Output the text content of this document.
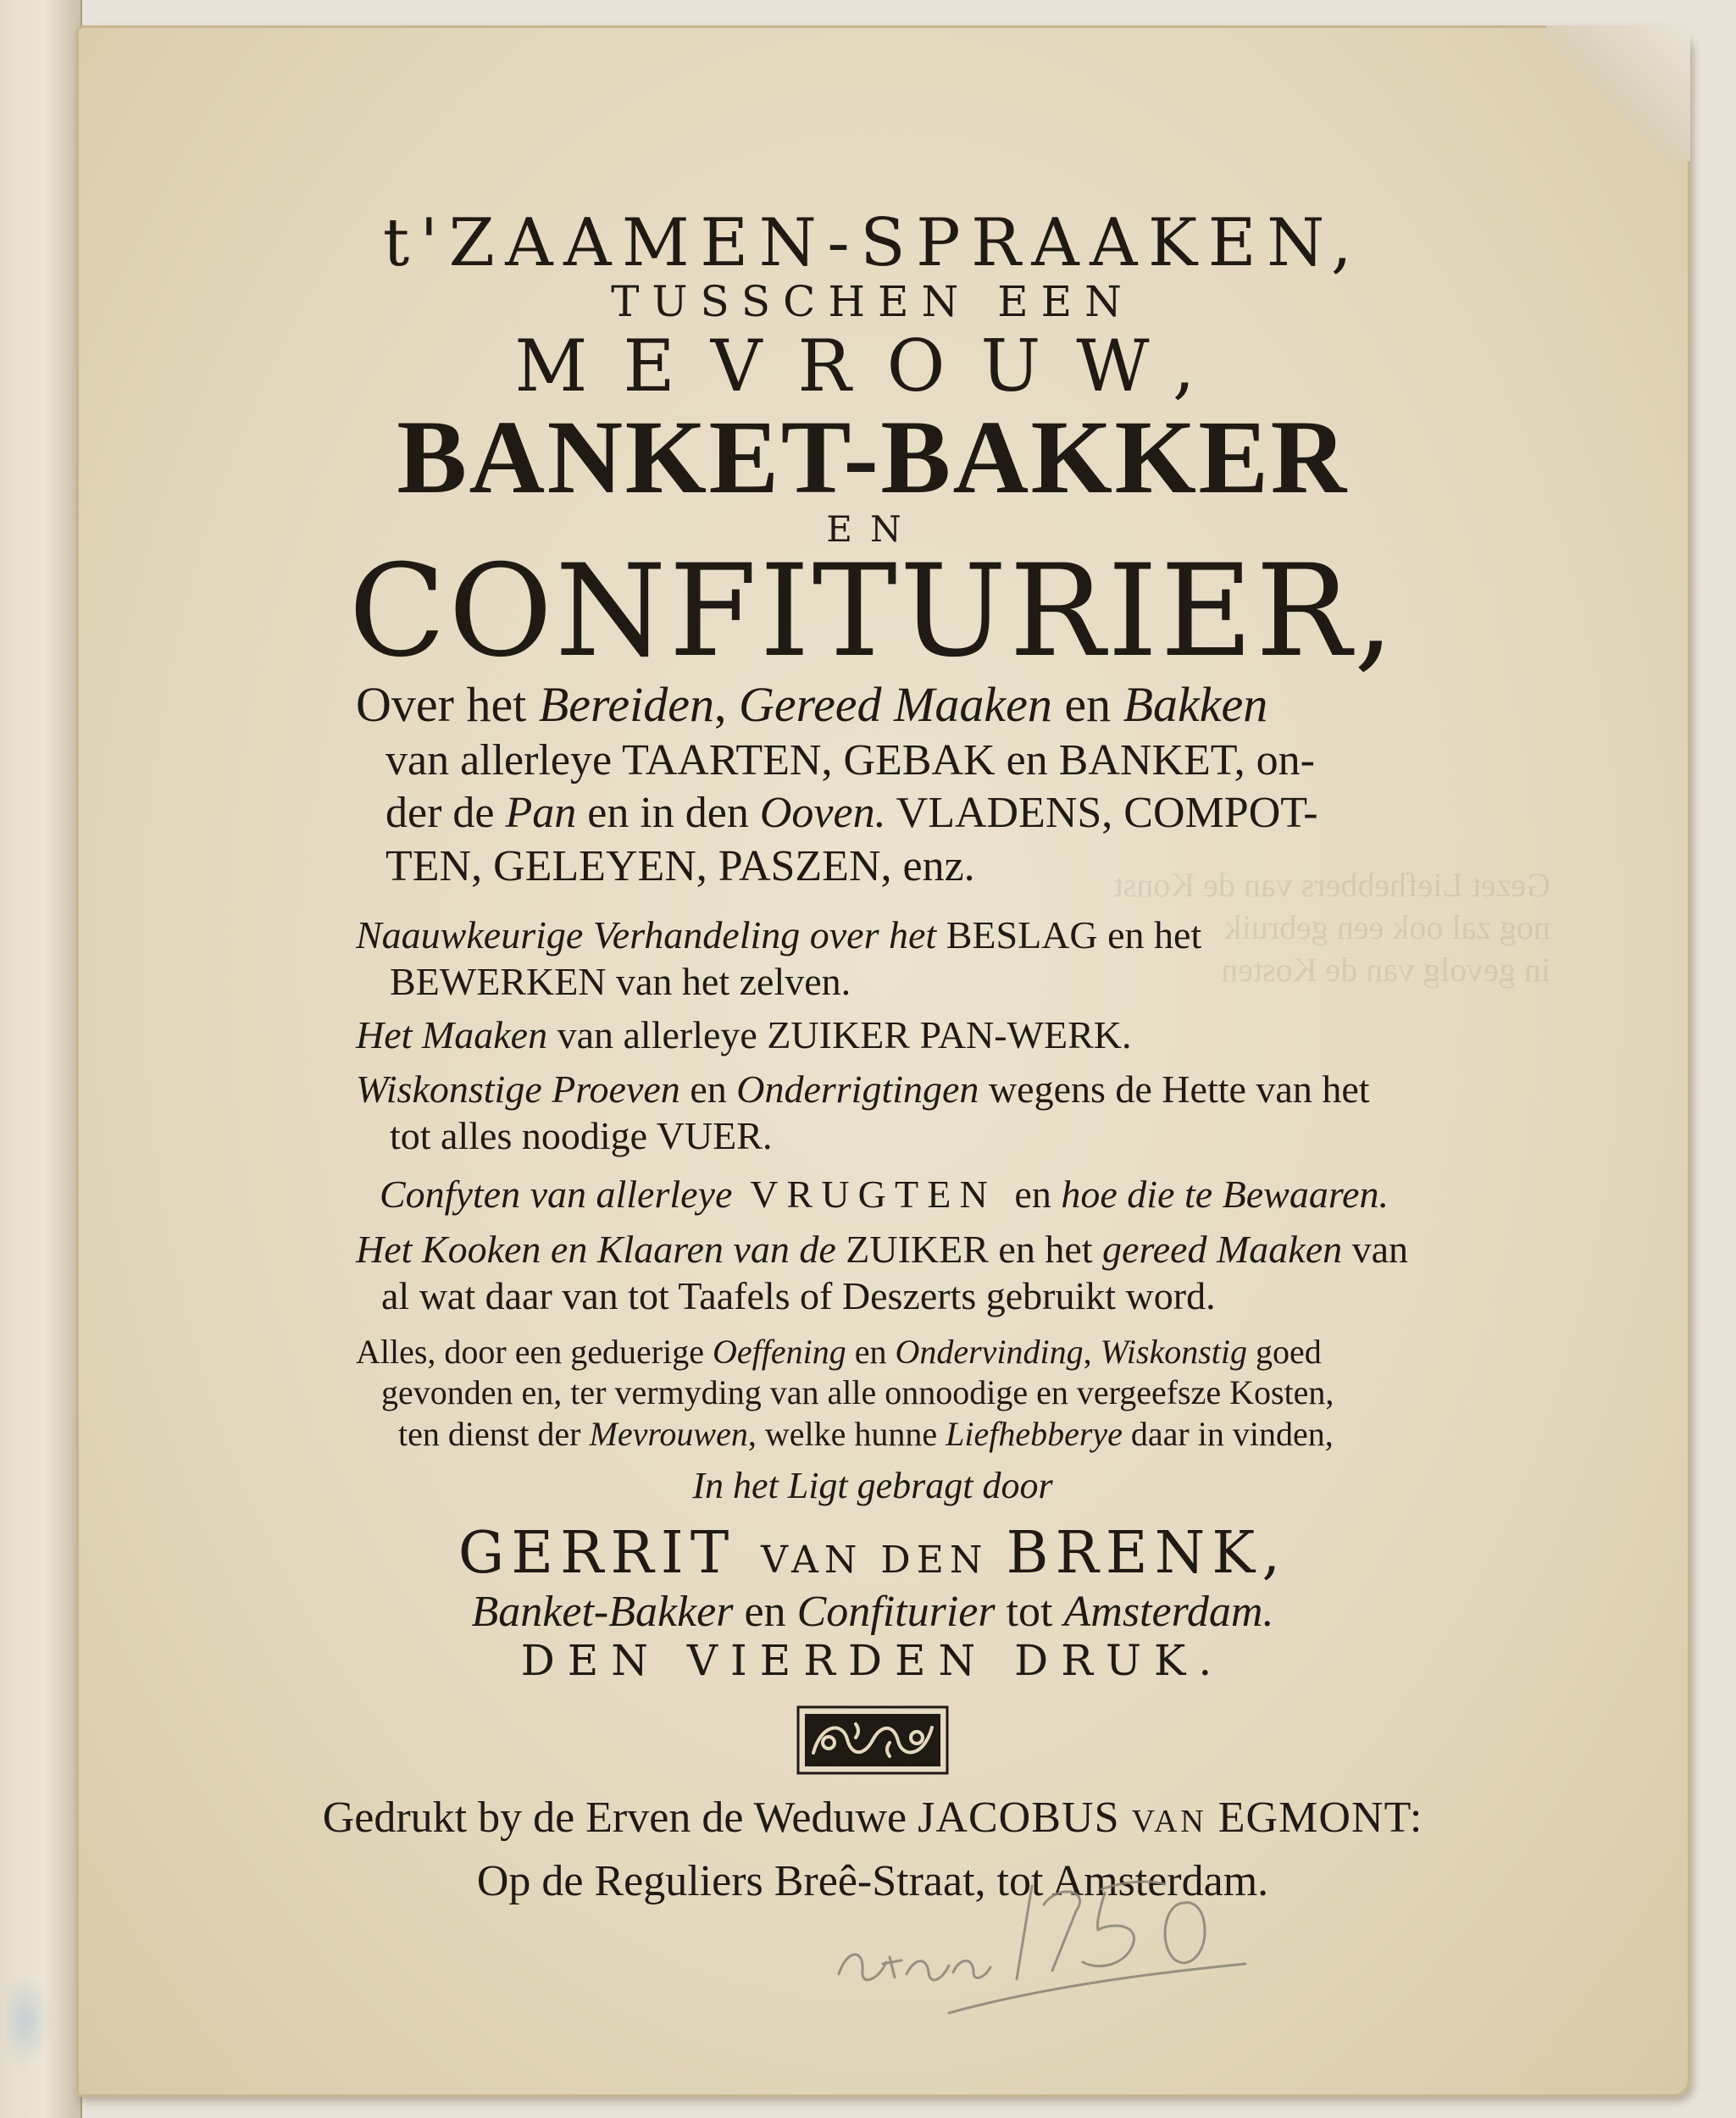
Gezet Liefhebbers van de Konst
nog zal ook een gebruik
in gevolg van de Kosten
t'ZAAMEN-SPRAAKEN,
TUSSCHEN EEN
MEVROUW,
BANKET-BAKKER
EN
CONFITURIER,
Over het Bereiden, Gereed Maaken en Bakken
van allerleye TAARTEN, GEBAK en BANKET, on-
der de Pan en in den Ooven. VLADENS, COMPOT-
TEN, GELEYEN, PASZEN, enz.
Naauwkeurige Verhandeling over het BESLAG en het
BEWERKEN van het zelven.
Het Maaken van allerleye ZUIKER PAN-WERK.
Wiskonstige Proeven en Onderrigtingen wegens de Hette van het
tot alles noodige VUER.
Confyten van allerleye VRUGTEN en hoe die te Bewaaren.
Het Kooken en Klaaren van de ZUIKER en het gereed Maaken van
al wat daar van tot Taafels of Deszerts gebruikt word.
Alles, door een geduerige Oeffening en Ondervinding, Wiskonstig goed
gevonden en, ter vermyding van alle onnoodige en vergeefsze Kosten,
ten dienst der Mevrouwen, welke hunne Liefhebberye daar in vinden,
In het Ligt gebragt door
GERRIT VAN DEN BRENK,
Banket-Bakker en Confiturier tot Amsterdam.
DEN VIERDEN DRUK.
Gedrukt by de Erven de Weduwe JACOBUS VAN EGMONT:
Op de Reguliers Breê-Straat, tot Amsterdam.
